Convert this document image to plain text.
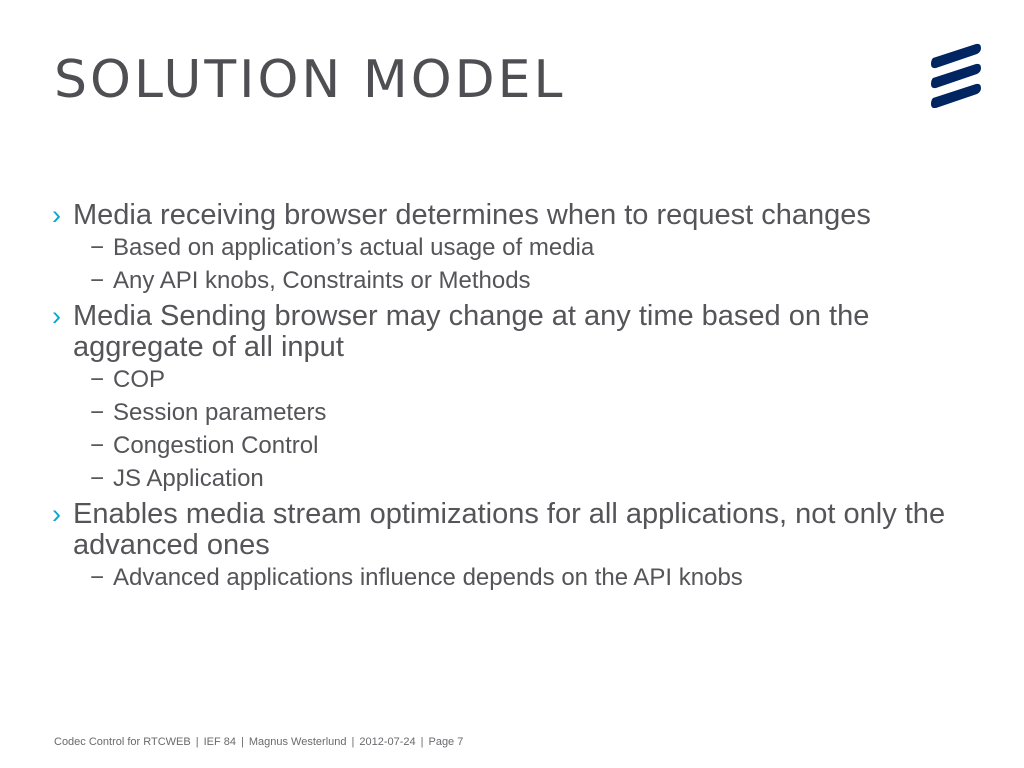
SOLUTION MODEL
› Media receiving browser determines when to request changes
− Based on application’s actual usage of media
− Any API knobs, Constraints or Methods
› Media Sending browser may change at any time based on the aggregate of all input
− COP
− Session parameters
− Congestion Control
− JS Application
› Enables media stream optimizations for all applications, not only the advanced ones
− Advanced applications influence depends on the API knobs
Codec Control for RTCWEB | IEF 84 | Magnus Westerlund | 2012-07-24 | Page 7
